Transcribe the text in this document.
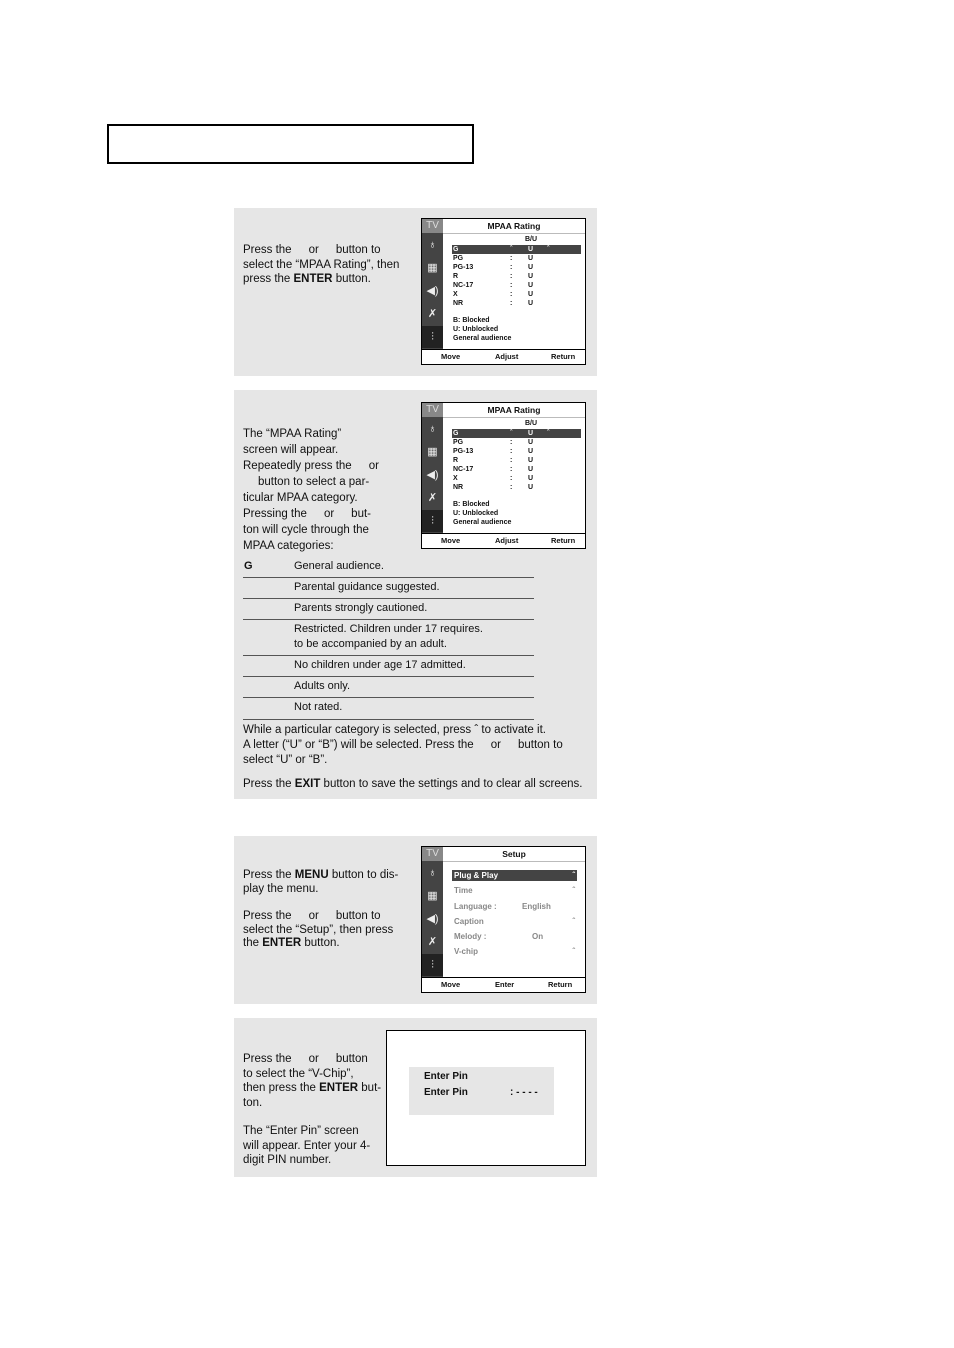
Press the or button to
select the “MPAA Rating”, then
press the ENTER button.
TV
♁
▦
◀)
✗
⫶
MPAA Rating
B/U
G	ˆ U ˆ
PG	: U
PG-13	: U
R	: U
NC-17	: U
X	: U
NR	: U
B: Blocked
U: Unblocked
General audience
Move	Adjust	Return
The “MPAA Rating”
screen will appear.
Repeatedly press the or
button to select a par-
ticular MPAA category.
Pressing the or but-
ton will cycle through the
MPAA categories:
TV
♁
▦
◀)
✗
⫶
MPAA Rating
B/U
G	ˆ U ˆ
PG	: U
PG-13	: U
R	: U
NC-17	: U
X	: U
NR	: U
B: Blocked
U: Unblocked
General audience
Move	Adjust	Return
G	General audience.
Parental guidance suggested.
Parents strongly cautioned.
Restricted. Children under 17 requires.
to be accompanied by an adult.
No children under age 17 admitted.
Adults only.
Not rated.
While a particular category is selected, press ˆ to activate it.
A letter (“U” or “B”) will be selected. Press the or button to
select “U” or “B”.
Press the EXIT button to save the settings and to clear all screens.
Press the MENU button to dis-
play the menu.
Press the or button to
select the “Setup”, then press
the ENTER button.
TV
♁
▦
◀)
✗
⫶
Setup
Plug & Play	ˆ
Time	ˆ
Language :	English
Caption	ˆ
Melody :	On
V-chip	ˆ
Move	Enter	Return
Press the or button
to select the “V-Chip”,
then press the ENTER but-
ton.
The “Enter Pin” screen
will appear. Enter your 4-
digit PIN number.
Enter Pin
Enter Pin	: - - - -
